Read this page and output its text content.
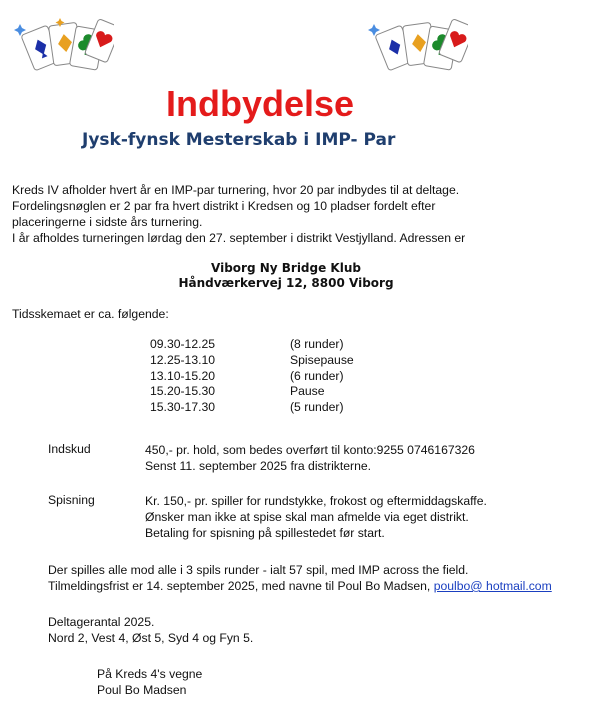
Indbydelse
Jysk-fynsk Mesterskab i IMP- Par
Kreds IV afholder hvert år en IMP-par turnering, hvor 20 par indbydes til at deltage.
Fordelingsnøglen er 2 par fra hvert distrikt i Kredsen og 10 pladser fordelt efter
placeringerne i sidste års turnering.
I år afholdes turneringen lørdag den 27. september i distrikt Vestjylland. Adressen er
Viborg Ny Bridge Klub
Håndværkervej 12, 8800 Viborg
Tidsskemaet er ca. følgende:
09.30-12.25	(8 runder)
12.25-13.10	Spisepause
13.10-15.20	(6 runder)
15.20-15.30	Pause
15.30-17.30	(5 runder)
Indskud	450,- pr. hold, som bedes overført til konto:9255 0746167326
Senst 11. september 2025 fra distrikterne.
Spisning	Kr. 150,- pr. spiller for rundstykke, frokost og eftermiddagskaffe.
Ønsker man ikke at spise skal man afmelde via eget distrikt.
Betaling for spisning på spillestedet før start.
Der spilles alle mod alle i 3 spils runder - ialt 57 spil, med IMP across the field.
Tilmeldingsfrist er 14. september 2025, med navne til Poul Bo Madsen, poulbo@ hotmail.com
Deltagerantal 2025.
Nord 2, Vest 4, Øst 5, Syd 4 og Fyn 5.
På Kreds 4's vegne
Poul Bo Madsen
